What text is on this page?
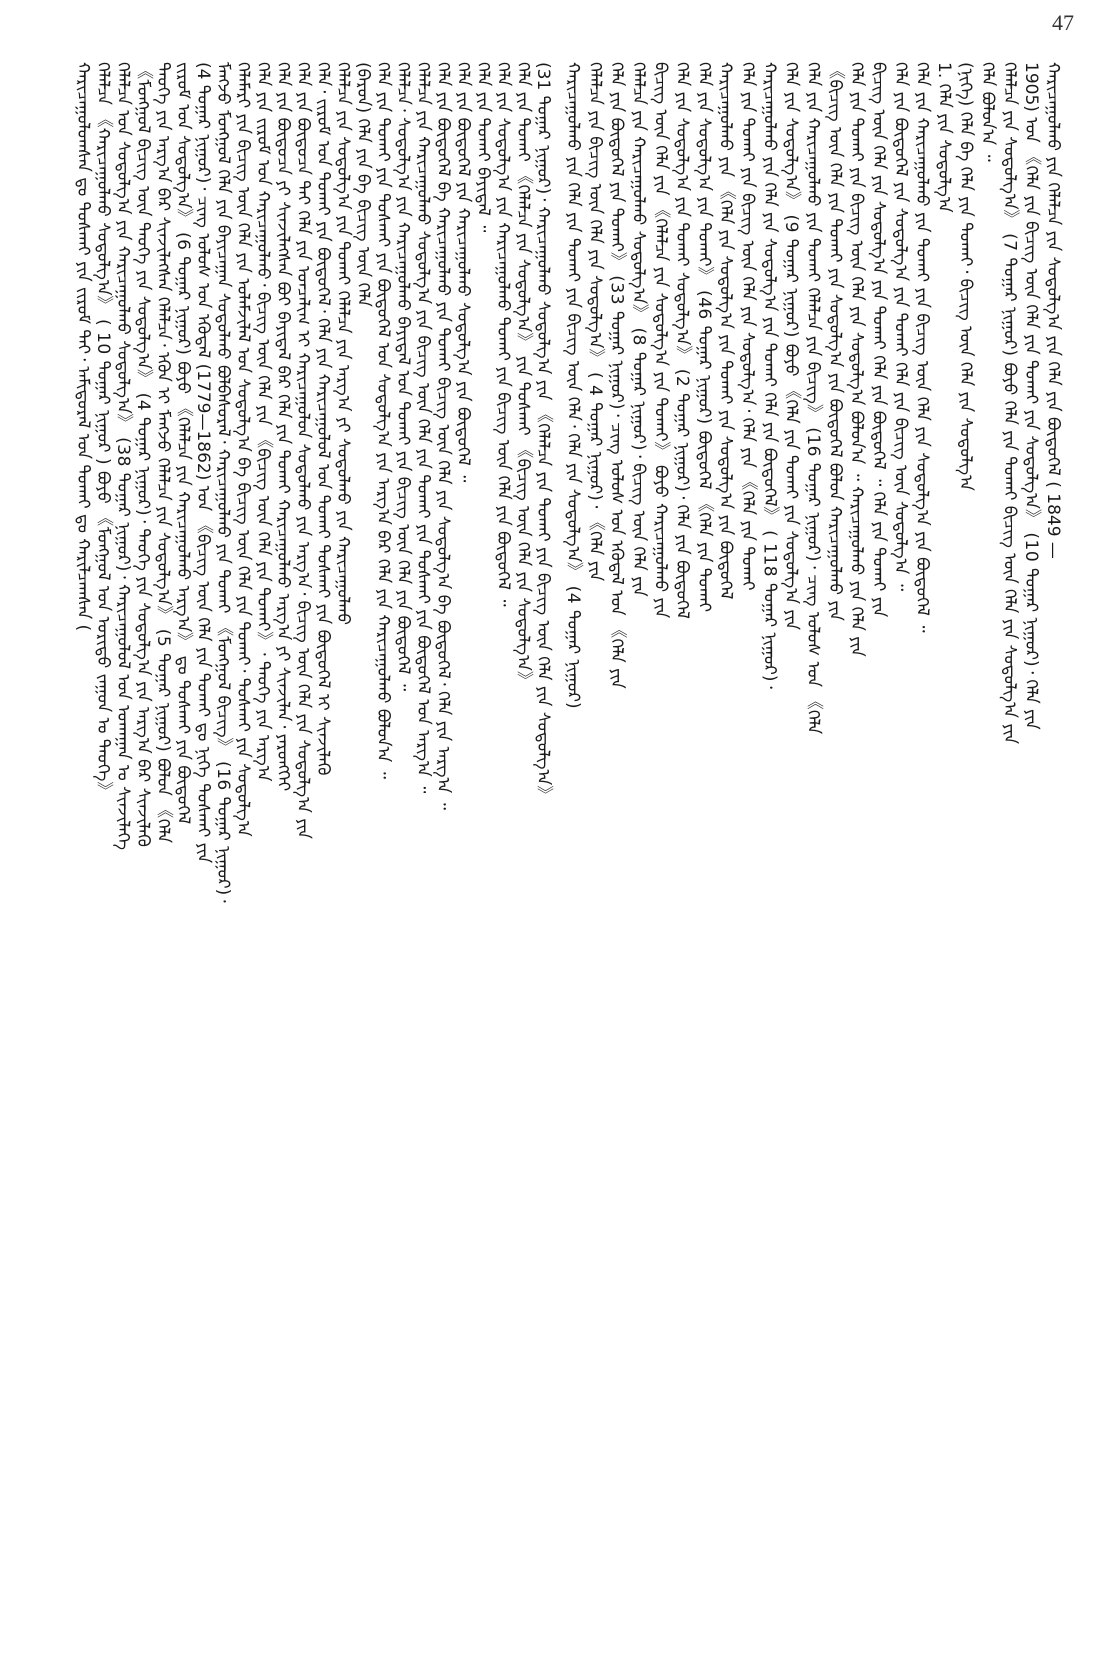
47
ᠬᠠᠷᠢᠴᠠᠭᠤᠯᠤᠭᠰᠠᠨ ᠳᠤ ᠲᠤᠰᠬᠠᠢ ᠶᠢᠨ ᠵᠢᠷᠤᠮ ᠲᠠᠢ᠂ ᠠᠮᠢᠳᠤᠷᠠᠯ ᠤᠨ ᠲᠤᠬᠠᠢ ᠳᠤ ᠬᠠᠷᠢᠯᠴᠠᠭᠰᠠᠨ ( ᠬᠡᠯᠡᠯᠴᠡ 《ᠬᠠᠷᠢᠴᠠᠭᠤᠯᠬᠤ ᠰᠤᠳᠤᠯᠭ᠎ᠠ》 ( 10 ᠳᠤᠭᠠᠷ ᠨᠢᠭᠤᠷ ) ᠪᠤᠶᠤ 《ᠮᠣᠩᠭᠤᠯ ᠤᠨ ᠤᠷᠢᠳᠤ ᠵᠠᠭᠤᠨ ᠤ ᠲᠡᠦᠬᠡ》 ᠬᠡᠯᠡᠯᠴᠡ ᠤᠨ ᠰᠤᠳᠤᠯᠭ᠎ᠠ ᠶᠢᠨ ᠬᠠᠷᠢᠴᠠᠭᠤᠯᠬᠤ ᠰᠤᠳᠤᠯᠭ᠎ᠠ》 (38 ᠳᠤᠭᠠᠷ ᠨᠢᠭᠤᠷ)᠂ ᠬᠠᠷᠢᠴᠠᠭᠤᠯᠤᠯ ᠤᠨ ᠤᠬᠠᠭᠠᠨ ᠤ ᠰᠢᠨᠵᠢᠯᠡᠭᠡ 《ᠮᠣᠩᠭᠤᠯ ᠪᠢᠴᠢᠭ᠌ ᠦᠨ ᠲᠡᠦᠬᠡ ᠶᠢᠨ ᠰᠤᠳᠤᠯᠭ᠎ᠠ》 (4 ᠳᠤᠭᠠᠷ ᠨᠢᠭᠤᠷ)᠂ ᠲᠡᠦᠬᠡ ᠶᠢᠨ ᠰᠤᠳᠤᠯᠭ᠎ᠠ ᠶᠢᠨ ᠠᠷᠭ᠎ᠠ ᠪᠠᠷ ᠰᠢᠨᠵᠢᠯᠡᠬᠦ ᠲᠡᠦᠬᠡ ᠶᠢᠨ ᠠᠷᠭ᠎ᠠ ᠪᠠᠷ ᠰᠢᠨᠵᠢᠯᠡᠭᠰᠡᠨ ᠬᠡᠯᠡᠯᠴᠡ᠂ ᠡᠭᠦᠨ ᠢ ᠮᠠᠩᠵᠤ ᠬᠡᠯᠡᠯᠴᠡ ᠶᠢᠨ ᠰᠤᠳᠤᠯᠭ᠎ᠠ》 (5 ᠳᠤᠭᠠᠷ ᠨᠢᠭᠤᠷ) ᠪᠣᠯᠤᠨ 《ᠬᠡᠯᠡ ᠵᠢᠷᠤᠮ ᠤᠨ ᠰᠤᠳᠤᠯᠭ᠎ᠠ》 (6 ᠳᠤᠭᠠᠷ ᠨᠢᠭᠤᠷ) ᠪᠤᠶᠤ 《ᠬᠡᠯᠡᠯᠴᠡ ᠶᠢᠨ ᠬᠠᠷᠢᠴᠠᠭᠤᠯᠬᠤ ᠠᠷᠭ᠎ᠠ》 ᠳᠤ ᠲᠤᠰᠬᠠᠢ ᠶᠢᠨ ᠪᠦᠲᠦᠭᠡᠯ (4 ᠳᠤᠭᠠᠷ ᠨᠢᠭᠤᠷ)᠂ ᠴᠢᠩ ᠤᠯᠤᠰ ᠤᠨ ᠡᠭᠦᠳᠡᠯ (1779—1862) ᠤᠨ 《ᠪᠢᠴᠢᠭ᠌ ᠦᠨ ᠬᠡᠯᠡ ᠶᠢᠨ ᠲᠤᠬᠠᠢ ᠳᠤ ᠨᠢᠭᠡ ᠲᠤᠰᠬᠠᠢ ᠶᠢᠨ ᠮᠠᠩᠵᠤ ᠮᠣᠩᠭᠤᠯ ᠬᠡᠯᠡ ᠶᠢᠨ ᠪᠠᠶᠢᠴᠠᠭᠠᠨ ᠰᠤᠳᠤᠯᠬᠤ ᠪᠣᠯᠪᠠᠰᠤᠷᠠᠯ᠂ ᠬᠠᠷᠢᠴᠠᠭᠤᠯᠬᠤ ᠶᠢᠨ ᠲᠤᠬᠠᠢ 《ᠮᠣᠩᠭᠤᠯ ᠪᠢᠴᠢᠭ᠌》 (16 ᠳᠤᠭᠠᠷ ᠨᠢᠭᠤᠷ)᠂ ᠬᠡᠯᠡᠮᠡᠷᠢ ᠶᠢᠨ ᠪᠢᠴᠢᠭ᠌ ᠦᠨ ᠬᠡᠯᠡ ᠶᠢᠨ ᠤᠯᠠᠮᠵᠢᠯᠠᠯ ᠤᠨ ᠰᠤᠳᠤᠯᠭ᠎ᠠ ᠪᠠ ᠪᠢᠴᠢᠭ᠌ ᠦᠨ ᠬᠡᠯᠡ ᠶᠢᠨ ᠲᠤᠬᠠᠢ᠂ ᠲᠤᠰᠬᠠᠢ ᠶᠢᠨ ᠰᠤᠳᠤᠯᠭ᠎ᠠ ᠬᠡᠯᠡ ᠶᠢᠨ ᠵᠢᠷᠤᠮ ᠤᠨ ᠬᠠᠷᠢᠴᠠᠭᠤᠯᠬᠤ᠂ ᠪᠢᠴᠢᠭ᠌ ᠦᠨ ᠬᠡᠯᠡ ᠶᠢᠨ 《ᠪᠢᠴᠢᠭ᠌ ᠦᠨ ᠬᠡᠯᠡ ᠶᠢᠨ ᠲᠤᠬᠠᠢ》᠂ ᠲᠡᠦᠬᠡ ᠶᠢᠨ ᠠᠷᠭ᠎ᠠ ᠬᠡᠯᠡ ᠶᠢᠨ ᠪᠦᠲᠦᠴᠡ ᠶᠢ ᠰᠢᠨᠵᠢᠯᠡᠭᠰᠡᠨ ᠪᠤᠢ ᠪᠠᠶᠢᠳᠠᠯ ᠪᠠᠷ ᠬᠡᠯᠡ ᠶᠢᠨ ᠲᠤᠬᠠᠢ ᠬᠠᠷᠢᠴᠠᠭᠤᠯᠬᠤ ᠠᠷᠭ᠎ᠠ ᠶᠢ ᠰᠢᠨᠵᠢᠯᠡᠨ᠂ ᠶᠡᠷᠦᠩᠬᠡᠢ ᠬᠡᠯᠡ ᠶᠢᠨ ᠪᠦᠲᠦᠴᠡ ᠲᠠᠢ ᠬᠡᠯᠡ ᠶᠢᠨ ᠤᠨᠴᠠᠯᠢᠭ ᠢ ᠬᠠᠷᠢᠴᠠᠭᠤᠯᠤᠨ ᠰᠤᠳᠤᠯᠬᠤ ᠶᠢᠨ ᠠᠷᠭ᠎ᠠ᠂ ᠪᠢᠴᠢᠭ᠌ ᠦᠨ ᠬᠡᠯᠡ ᠶᠢᠨ ᠰᠤᠳᠤᠯᠭ᠎ᠠ ᠶᠢᠨ ᠬᠡᠯᠡ᠂ ᠵᠢᠷᠤᠮ ᠤᠨ ᠲᠤᠬᠠᠢ ᠶᠢᠨ ᠪᠦᠲᠦᠭᠡᠯ᠂ ᠬᠡᠯᠡ ᠶᠢᠨ ᠬᠠᠷᠢᠴᠠᠭᠤᠯᠤᠯ ᠤᠨ ᠲᠤᠬᠠᠢ ᠲᠤᠰᠬᠠᠢ ᠶᠢᠨ ᠪᠦᠲᠦᠭᠡᠯ ᠢ ᠰᠢᠨᠵᠢᠯᠡᠬᠦ ᠬᠡᠯᠡᠯᠴᠡ ᠶᠢᠨ ᠰᠤᠳᠤᠯᠭ᠎ᠠ ᠶᠢᠨ ᠲᠤᠬᠠᠢ ᠬᠡᠯᠡᠯᠴᠡ ᠶᠢᠨ ᠠᠷᠭ᠎ᠠ ᠶᠢ ᠰᠤᠳᠤᠯᠬᠤ ᠶᠢᠨ ᠬᠠᠷᠢᠴᠠᠭᠤᠯᠬᠤ (ᠪᠠᠷᠤᠨ) ᠬᠡᠯᠡ ᠶᠢᠨ ᠪᠠ ᠪᠢᠴᠢᠭ᠌ ᠦᠨ ᠬᠡᠯᠡ ᠬᠡᠯᠡ ᠶᠢᠨ ᠲᠤᠬᠠᠢ ᠶᠢᠨ ᠲᠤᠰᠬᠠᠢ ᠶᠢᠨ ᠪᠦᠲᠦᠭᠡᠯ ᠤᠨ ᠰᠤᠳᠤᠯᠭ᠎ᠠ ᠶᠢᠨ ᠠᠷᠭ᠎ᠠ ᠪᠠᠷ ᠬᠡᠯᠡ ᠶᠢᠨ ᠬᠠᠷᠢᠴᠠᠭᠤᠯᠬᠤ ᠪᠣᠯᠤᠨ᠎ᠠ ᠃ ᠬᠡᠯᠡᠯᠴᠡ᠂ ᠰᠤᠳᠤᠯᠭ᠎ᠠ ᠶᠢᠨ ᠬᠠᠷᠢᠴᠠᠭᠤᠯᠬᠤ ᠪᠠᠶᠢᠳᠠᠯ ᠤᠨ ᠲᠤᠬᠠᠢ ᠶᠢᠨ ᠪᠢᠴᠢᠭ᠌ ᠦᠨ ᠬᠡᠯᠡ ᠶᠢᠨ ᠪᠦᠲᠦᠭᠡᠯ ᠃ ᠬᠡᠯᠡᠯᠴᠡ ᠶᠢᠨ ᠬᠠᠷᠢᠴᠠᠭᠤᠯᠬᠤ ᠰᠤᠳᠤᠯᠭ᠎ᠠ ᠶᠢᠨ ᠪᠢᠴᠢᠭ᠌ ᠦᠨ ᠬᠡᠯᠡ ᠶᠢᠨ ᠲᠤᠬᠠᠢ ᠶᠢᠨ ᠲᠤᠰᠬᠠᠢ ᠶᠢᠨ ᠪᠦᠲᠦᠭᠡᠯ ᠤᠨ ᠠᠷᠭ᠎ᠠ ᠃ ᠬᠡᠯᠡ ᠶᠢᠨ ᠪᠦᠲᠦᠭᠡᠯ ᠪᠠ ᠬᠠᠷᠢᠴᠠᠭᠤᠯᠬᠤ ᠶᠢᠨ ᠲᠤᠬᠠᠢ ᠪᠢᠴᠢᠭ᠌ ᠦᠨ ᠬᠡᠯᠡ ᠶᠢᠨ ᠰᠤᠳᠤᠯᠭ᠎ᠠ ᠪᠠ ᠪᠦᠲᠦᠭᠡᠯ᠂ ᠬᠡᠯᠡ ᠶᠢᠨ ᠠᠷᠭ᠎ᠠ ᠃ ᠬᠡᠯᠡ ᠶᠢᠨ ᠪᠦᠲᠦᠭᠡᠯ ᠶᠢᠨ ᠬᠠᠷᠢᠴᠠᠭᠤᠯᠬᠤ ᠰᠤᠳᠤᠯᠭ᠎ᠠ ᠶᠢᠨ ᠪᠦᠲᠦᠭᠡᠯ ᠃ ᠬᠡᠯᠡ ᠶᠢᠨ ᠲᠤᠬᠠᠢ ᠪᠠᠶᠢᠳᠠᠯ ᠃ ᠬᠡᠯᠡ ᠶᠢᠨ ᠰᠤᠳᠤᠯᠭ᠎ᠠ ᠶᠢᠨ ᠬᠠᠷᠢᠴᠠᠭᠤᠯᠬᠤ ᠲᠤᠬᠠᠢ ᠶᠢᠨ ᠪᠢᠴᠢᠭ᠌ ᠦᠨ ᠬᠡᠯᠡ ᠶᠢᠨ ᠪᠦᠲᠦᠭᠡᠯ ᠃ ᠬᠡᠯᠡ ᠶᠢᠨ ᠲᠤᠬᠠᠢ 《ᠬᠡᠯᠡᠯᠴᠡ ᠶᠢᠨ ᠰᠤᠳᠤᠯᠭ᠎ᠠ》 ᠶᠢᠨ ᠲᠤᠰᠬᠠᠢ 《ᠪᠢᠴᠢᠭ᠌ ᠦᠨ ᠬᠡᠯᠡ ᠶᠢᠨ ᠰᠤᠳᠤᠯᠭ᠎ᠠ》 (31 ᠳᠤᠭᠠᠷ ᠨᠢᠭᠤᠷ)᠂ ᠬᠠᠷᠢᠴᠠᠭᠤᠯᠬᠤ ᠰᠤᠳᠤᠯᠭ᠎ᠠ ᠶᠢᠨ 《ᠬᠡᠯᠡᠯᠴᠡ ᠶᠢᠨ ᠲᠤᠬᠠᠢ ᠶᠢᠨ ᠪᠢᠴᠢᠭ᠌ ᠦᠨ ᠬᠡᠯᠡ ᠶᠢᠨ ᠰᠤᠳᠤᠯᠭ᠎ᠠ》 ᠬᠠᠷᠢᠴᠠᠭᠤᠯᠬᠤ ᠶᠢᠨ ᠬᠡᠯᠡ ᠶᠢᠨ ᠲᠤᠬᠠᠢ ᠶᠢᠨ ᠪᠢᠴᠢᠭ᠌ ᠦᠨ ᠬᠡᠯᠡ᠂ ᠬᠡᠯᠡ ᠶᠢᠨ ᠰᠤᠳᠤᠯᠭ᠎ᠠ》 (4 ᠳᠤᠭᠠᠷ ᠨᠢᠭᠤᠷ) ᠬᠡᠯᠡᠯᠴᠡ ᠶᠢᠨ ᠪᠢᠴᠢᠭ᠌ ᠦᠨ ᠬᠡᠯᠡ ᠶᠢᠨ ᠰᠤᠳᠤᠯᠭ᠎ᠠ》 ( 4 ᠳᠤᠭᠠᠷ ᠨᠢᠭᠤᠷ)᠂ 《ᠬᠡᠯᠡ ᠶᠢᠨ ᠬᠡᠯᠡ ᠶᠢᠨ ᠪᠦᠲᠦᠭᠡᠯ ᠶᠢᠨ ᠲᠤᠬᠠᠢ》 (33 ᠳᠤᠭᠠᠷ ᠨᠢᠭᠤᠷ)᠂ ᠴᠢᠩ ᠤᠯᠤᠰ ᠤᠨ ᠡᠭᠦᠳᠡᠯ ᠤᠨ 《ᠬᠡᠯᠡ ᠶᠢᠨ ᠬᠡᠯᠡᠯᠴᠡ ᠶᠢᠨ ᠬᠠᠷᠢᠴᠠᠭᠤᠯᠬᠤ ᠰᠤᠳᠤᠯᠭ᠎ᠠ》 (8 ᠳᠤᠭᠠᠷ ᠨᠢᠭᠤᠷ)᠂ ᠪᠢᠴᠢᠭ᠌ ᠦᠨ ᠬᠡᠯᠡ ᠶᠢᠨ ᠪᠢᠴᠢᠭ᠌ ᠦᠨ ᠬᠡᠯᠡ ᠶᠢᠨ 《ᠬᠡᠯᠡᠯᠴᠡ ᠶᠢᠨ ᠰᠤᠳᠤᠯᠭ᠎ᠠ ᠶᠢᠨ ᠲᠤᠬᠠᠢ》 ᠪᠤᠶᠤ ᠬᠠᠷᠢᠴᠠᠭᠤᠯᠬᠤ ᠶᠢᠨ ᠬᠡᠯᠡ ᠶᠢᠨ ᠰᠤᠳᠤᠯᠭ᠎ᠠ ᠶᠢᠨ ᠲᠤᠬᠠᠢ ᠰᠤᠳᠤᠯᠭ᠎ᠠ》 (2 ᠳᠤᠭᠠᠷ ᠨᠢᠭᠤᠷ)᠂ ᠬᠡᠯᠡ ᠶᠢᠨ ᠪᠦᠲᠦᠭᠡᠯ ᠬᠡᠯᠡ ᠶᠢᠨ ᠰᠤᠳᠤᠯᠭ᠎ᠠ ᠶᠢᠨ ᠲᠤᠬᠠᠢ》 (46 ᠳᠤᠭᠠᠷ ᠨᠢᠭᠤᠷ) ᠪᠦᠲᠦᠭᠡᠯ 《ᠬᠡᠯᠡ ᠶᠢᠨ ᠲᠤᠬᠠᠢ ᠬᠠᠷᠢᠴᠠᠭᠤᠯᠬᠤ ᠶᠢᠨ 《ᠬᠡᠯᠡ ᠶᠢᠨ ᠰᠤᠳᠤᠯᠭ᠎ᠠ ᠶᠢᠨ ᠲᠤᠬᠠᠢ ᠶᠢᠨ ᠰᠤᠳᠤᠯᠭ᠎ᠠ ᠶᠢᠨ ᠪᠦᠲᠦᠭᠡᠯ ᠬᠡᠯᠡ ᠶᠢᠨ ᠲᠤᠬᠠᠢ ᠶᠢᠨ ᠪᠢᠴᠢᠭ᠌ ᠦᠨ ᠬᠡᠯᠡ ᠶᠢᠨ ᠰᠤᠳᠤᠯᠭ᠎ᠠ᠂ ᠬᠡᠯᠡ ᠶᠢᠨ 《ᠬᠡᠯᠡ ᠶᠢᠨ ᠲᠤᠬᠠᠢ ᠬᠠᠷᠢᠴᠠᠭᠤᠯᠬᠤ ᠶᠢᠨ ᠬᠡᠯᠡ ᠶᠢᠨ ᠰᠤᠳᠤᠯᠭ᠎ᠠ ᠶᠢᠨ ᠲᠤᠬᠠᠢ ᠬᠡᠯᠡ ᠶᠢᠨ ᠪᠦᠲᠦᠭᠡᠯ》 ( 118 ᠳᠤᠭᠠᠷ ᠨᠢᠭᠤᠷ)᠂ ᠬᠡᠯᠡ ᠶᠢᠨ ᠰᠤᠳᠤᠯᠭ᠎ᠠ》 (9 ᠳᠤᠭᠠᠷ ᠨᠢᠭᠤᠷ) ᠪᠤᠶᠤ 《ᠬᠡᠯᠡ ᠶᠢᠨ ᠲᠤᠬᠠᠢ ᠶᠢᠨ ᠰᠤᠳᠤᠯᠭ᠎ᠠ ᠶᠢᠨ ᠬᠡᠯᠡ ᠶᠢᠨ ᠬᠠᠷᠢᠴᠠᠭᠤᠯᠬᠤ ᠶᠢᠨ ᠲᠤᠬᠠᠢ ᠬᠡᠯᠡᠯᠴᠡ ᠶᠢᠨ ᠪᠢᠴᠢᠭ᠌》 (16 ᠳᠤᠭᠠᠷ ᠨᠢᠭᠤᠷ)᠂ ᠴᠢᠩ ᠤᠯᠤᠰ ᠤᠨ 《ᠬᠡᠯᠡ 《ᠪᠢᠴᠢᠭ᠌ ᠦᠨ ᠬᠡᠯᠡ ᠶᠢᠨ ᠲᠤᠬᠠᠢ ᠶᠢᠨ ᠰᠤᠳᠤᠯᠭ᠎ᠠ ᠶᠢᠨ ᠪᠦᠲᠦᠭᠡᠯ ᠪᠣᠯᠤᠨ ᠬᠠᠷᠢᠴᠠᠭᠤᠯᠬᠤ ᠶᠢᠨ ᠬᠡᠯᠡ ᠶᠢᠨ ᠲᠤᠬᠠᠢ ᠶᠢᠨ ᠪᠢᠴᠢᠭ᠌ ᠦᠨ ᠬᠡᠯᠡ ᠶᠢᠨ ᠰᠤᠳᠤᠯᠭ᠎ᠠ ᠪᠣᠯᠤᠨ᠎ᠠ ᠃ ᠬᠠᠷᠢᠴᠠᠭᠤᠯᠬᠤ ᠶᠢᠨ ᠬᠡᠯᠡ ᠶᠢᠨ ᠪᠢᠴᠢᠭ᠌ ᠦᠨ ᠬᠡᠯᠡ ᠶᠢᠨ ᠰᠤᠳᠤᠯᠭ᠎ᠠ ᠶᠢᠨ ᠲᠤᠬᠠᠢ ᠬᠡᠯᠡ ᠶᠢᠨ ᠪᠦᠲᠦᠭᠡᠯ ᠃ ᠬᠡᠯᠡ ᠶᠢᠨ ᠲᠤᠬᠠᠢ ᠶᠢᠨ ᠬᠡᠯᠡ ᠶᠢᠨ ᠪᠦᠲᠦᠭᠡᠯ ᠶᠢᠨ ᠰᠤᠳᠤᠯᠭ᠎ᠠ ᠶᠢᠨ ᠲᠤᠬᠠᠢ ᠬᠡᠯᠡ ᠶᠢᠨ ᠪᠢᠴᠢᠭ᠌ ᠦᠨ ᠰᠤᠳᠤᠯᠭ᠎ᠠ ᠃ ᠬᠡᠯᠡ ᠶᠢᠨ ᠬᠠᠷᠢᠴᠠᠭᠤᠯᠬᠤ ᠶᠢᠨ ᠲᠤᠬᠠᠢ ᠶᠢᠨ ᠪᠢᠴᠢᠭ᠌ ᠦᠨ ᠬᠡᠯᠡ ᠶᠢᠨ ᠰᠤᠳᠤᠯᠭ᠎ᠠ ᠶᠢᠨ ᠪᠦᠲᠦᠭᠡᠯ ᠃ 1. ᠬᠡᠯᠡ ᠶᠢᠨ ᠰᠤᠳᠤᠯᠭ᠎ᠠ (ᠨᠢᠭᠡ) ᠬᠡᠯᠡ ᠪᠠ ᠬᠡᠯᠡ ᠶᠢᠨ ᠲᠤᠬᠠᠢ᠂ ᠪᠢᠴᠢᠭ᠌ ᠦᠨ ᠬᠡᠯᠡ ᠶᠢᠨ ᠰᠤᠳᠤᠯᠭ᠎ᠠ ᠬᠡᠯᠡ ᠪᠣᠯᠤᠨ᠎ᠠ ᠃ ᠬᠡᠯᠡᠯᠴᠡ ᠶᠢᠨ ᠰᠤᠳᠤᠯᠭ᠎ᠠ》 (7 ᠳᠤᠭᠠᠷ ᠨᠢᠭᠤᠷ) ᠪᠤᠶᠤ ᠬᠡᠯᠡ ᠶᠢᠨ ᠲᠤᠬᠠᠢ ᠪᠢᠴᠢᠭ᠌ ᠦᠨ ᠬᠡᠯᠡ ᠶᠢᠨ ᠰᠤᠳᠤᠯᠭ᠎ᠠ ᠶᠢᠨ 1905) ᠤᠨ 《ᠬᠡᠯᠡ ᠶᠢᠨ ᠪᠢᠴᠢᠭ᠌ ᠦᠨ ᠬᠡᠯᠡ ᠶᠢᠨ ᠲᠤᠬᠠᠢ ᠶᠢᠨ ᠰᠤᠳᠤᠯᠭ᠎ᠠ》 (10 ᠳᠤᠭᠠᠷ ᠨᠢᠭᠤᠷ)᠂ ᠬᠡᠯᠡ ᠶᠢᠨ ᠬᠠᠷᠢᠴᠠᠭᠤᠯᠬᠤ ᠶᠢᠨ ᠬᠡᠯᠡᠯᠴᠡ ᠶᠢᠨ ᠰᠤᠳᠤᠯᠭ᠎ᠠ ᠶᠢᠨ ᠬᠡᠯᠡ ᠶᠢᠨ ᠪᠦᠲᠦᠭᠡᠯ ( 1849 —
